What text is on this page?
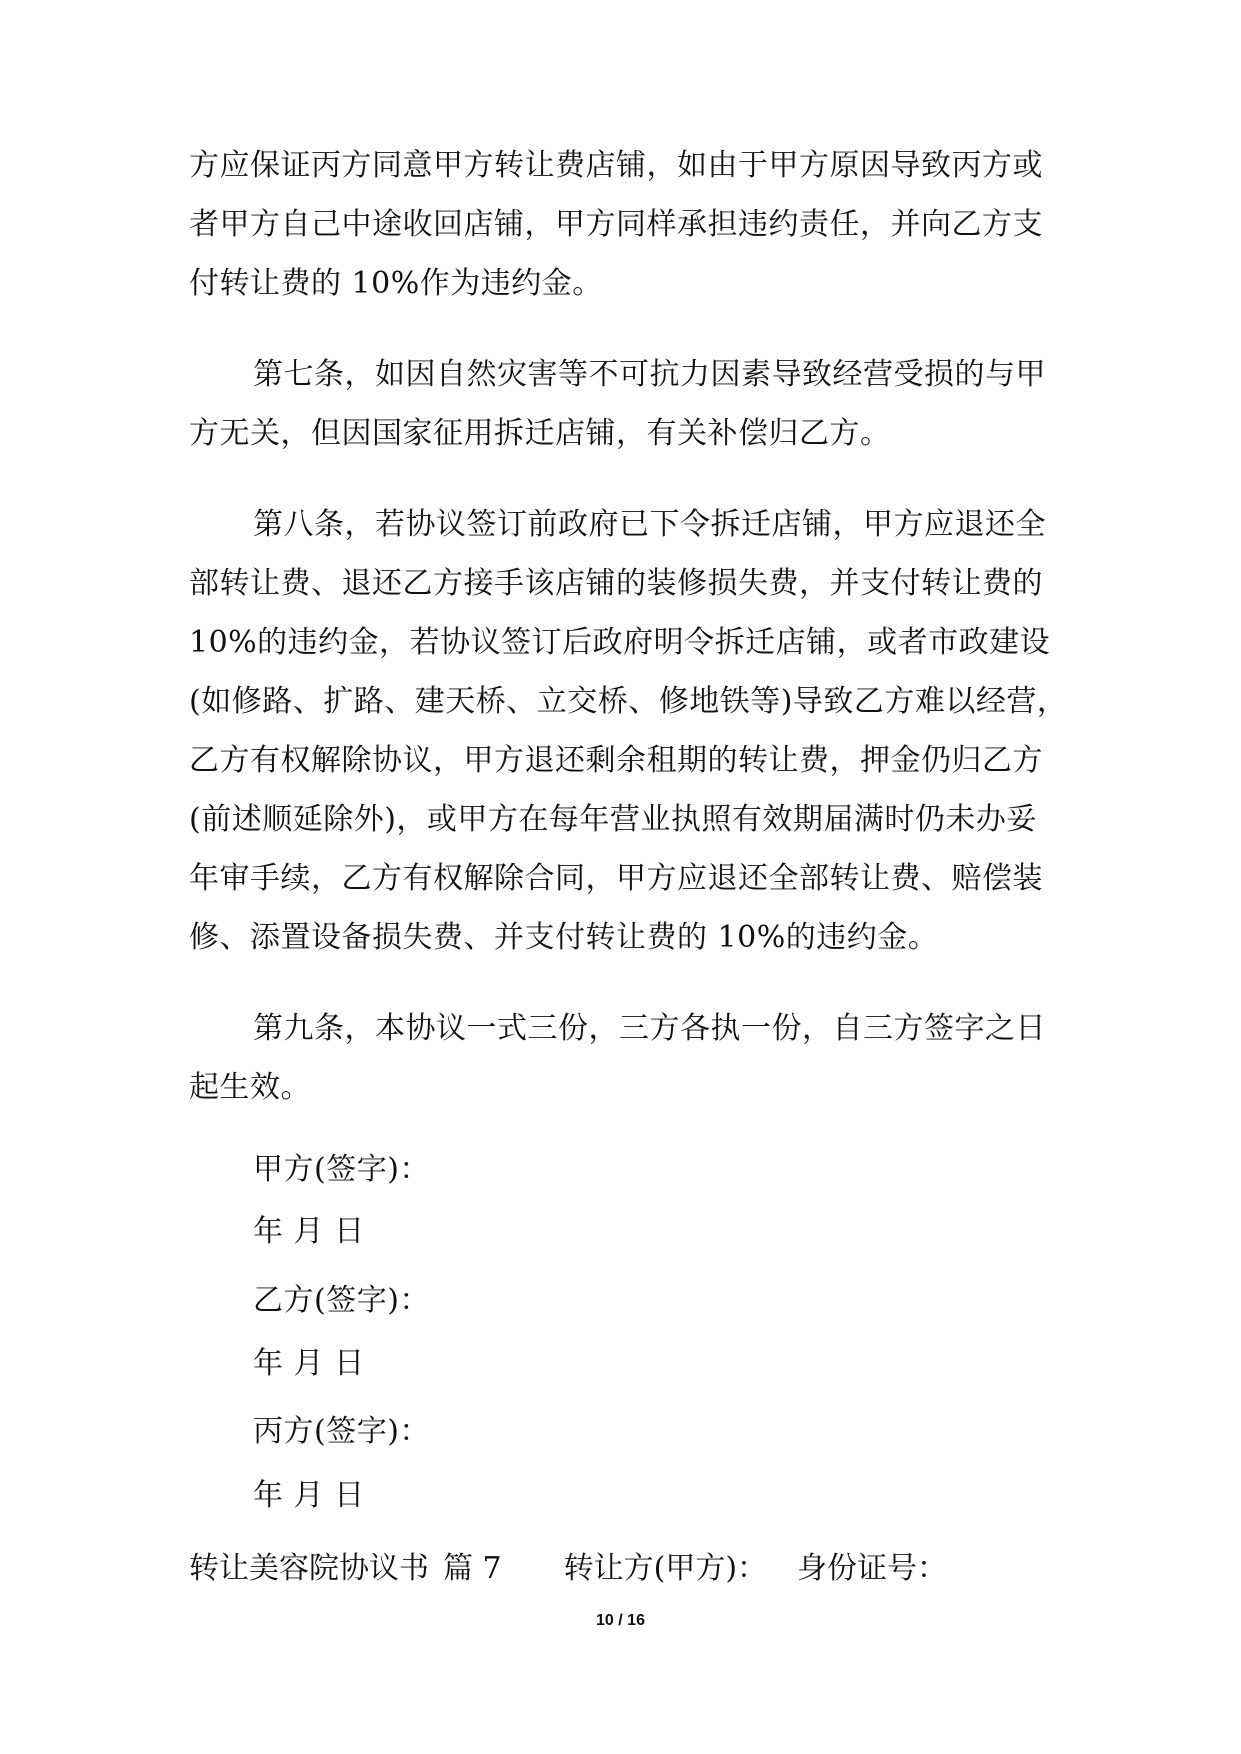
方应保证丙方同意甲方转让费店铺，如由于甲方原因导致丙方或
者甲方自己中途收回店铺，甲方同样承担违约责任，并向乙方支
付转让费的 10%作为违约金。
第七条，如因自然灾害等不可抗力因素导致经营受损的与甲
方无关，但因国家征用拆迁店铺，有关补偿归乙方。
第八条，若协议签订前政府已下令拆迁店铺，甲方应退还全
部转让费、退还乙方接手该店铺的装修损失费，并支付转让费的
10%的违约金，若协议签订后政府明令拆迁店铺，或者市政建设
(如修路、扩路、建天桥、立交桥、修地铁等)导致乙方难以经营，
乙方有权解除协议，甲方退还剩余租期的转让费，押金仍归乙方
(前述顺延除外)，或甲方在每年营业执照有效期届满时仍未办妥
年审手续，乙方有权解除合同，甲方应退还全部转让费、赔偿装
修、添置设备损失费、并支付转让费的 10%的违约金。
第九条，本协议一式三份，三方各执一份，自三方签字之日
起生效。
甲方(签字)：
年 月 日
乙方(签字)：
年 月 日
丙方(签字)：
年 月 日
转让美容院协议书 篇 7 转让方(甲方)： 身份证号：
10 / 16
